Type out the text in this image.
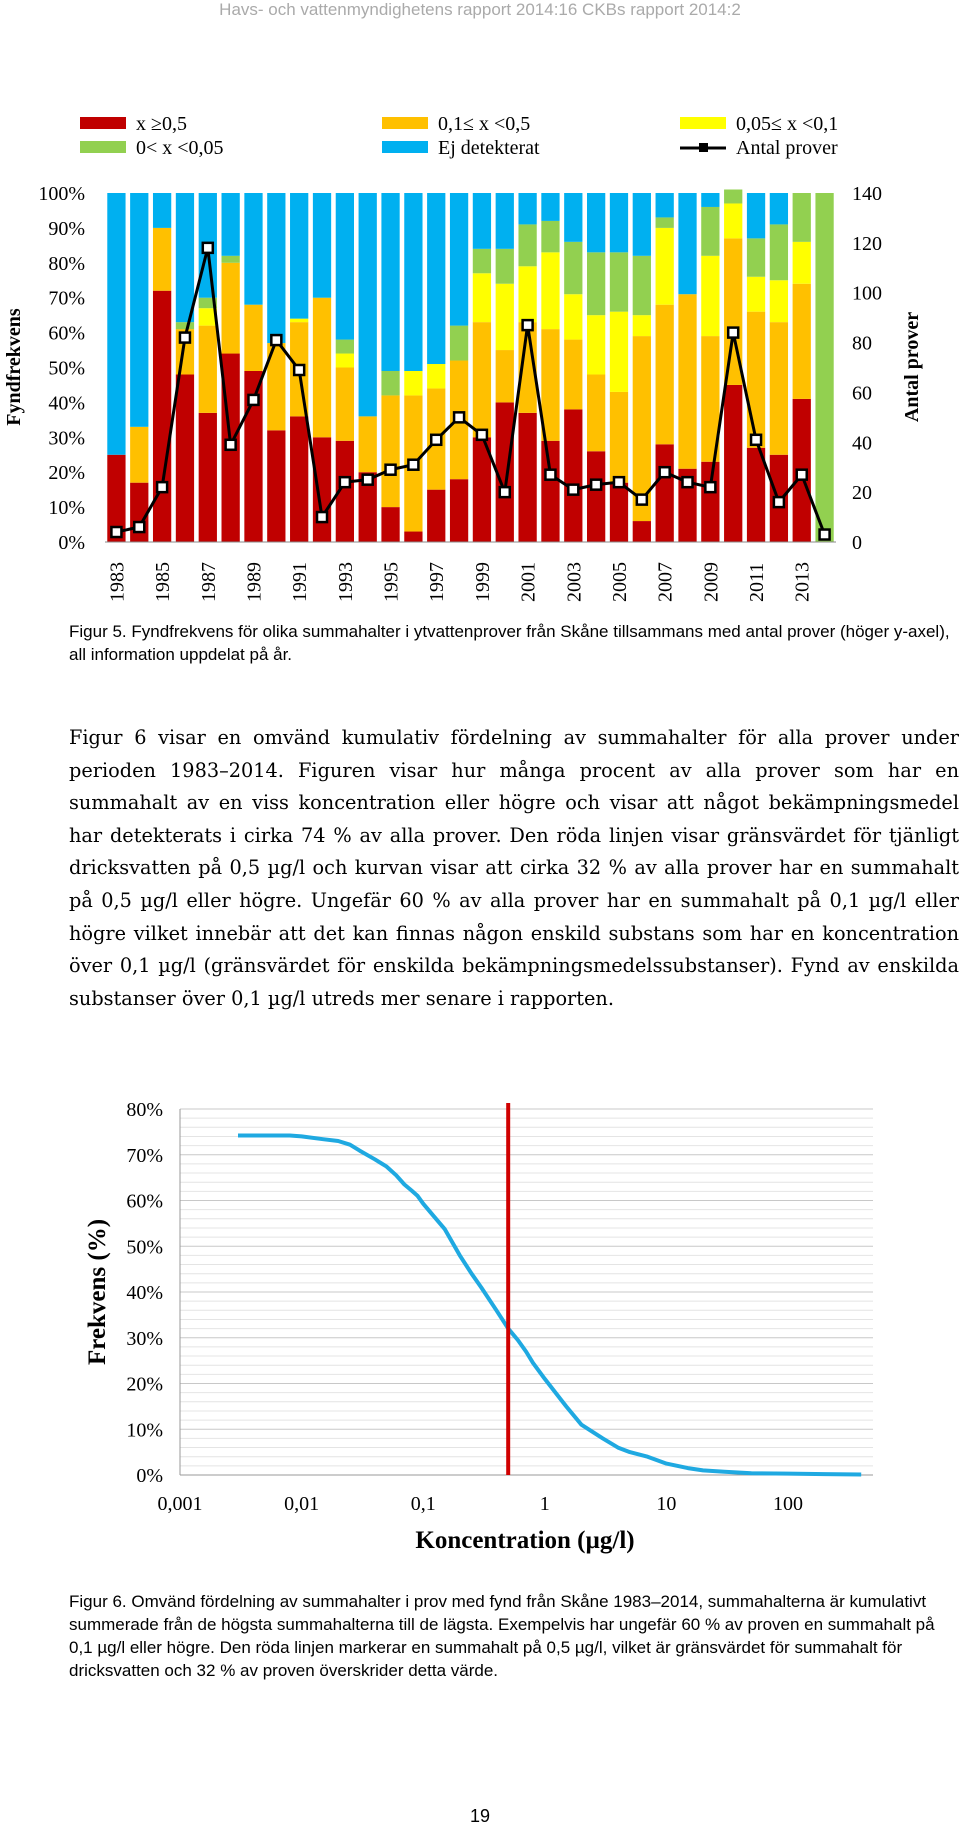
Havs- och vattenmyndighetens rapport 2014:16 CKBs rapport 2014:2
x ≥0,5	0,1≤ x <0,5	0,05≤ x <0,1
0< x <0,05	Ej detekterat	Antal prover
0%
10%
20%
30%
40%
50%
60%
70%
80%
90%
100%
0
20
40
60
80
100
120
140
Fyndfrekvens	Antal prover
1983 1985 1987 1989 1991 1993 1995 1997 1999 2001 2003 2005 2007 2009 2011 2013
Figur 5. Fyndfrekvens för olika summahalter i ytvattenprover från Skåne tillsammans med antal prover (höger y-axel), all information uppdelat på år.
Figur 6 visar en omvänd kumulativ fördelning av summahalter för alla prover under perioden 1983–2014. Figuren visar hur många procent av alla prover som har en summahalt av en viss koncentration eller högre och visar att något bekämpningsmedel har detekterats i cirka 74 % av alla prover. Den röda linjen visar gränsvärdet för tjänligt dricksvatten på 0,5 µg/l och kurvan visar att cirka 32 % av alla prover har en summahalt på 0,5 µg/l eller högre. Ungefär 60 % av alla prover har en summahalt på 0,1 µg/l eller högre vilket innebär att det kan finnas någon enskild substans som har en koncentration över 0,1 µg/l (gränsvärdet för enskilda bekämpningsmedelssubstanser). Fynd av enskilda substanser över 0,1 µg/l utreds mer senare i rapporten.
0%
10%
20%
30%
40%
50%
60%
70%
80%
0,001	0,01	0,1	1	10	100
Frekvens (%)
Koncentration (µg/l)
Figur 6. Omvänd fördelning av summahalter i prov med fynd från Skåne 1983–2014, summahalterna är kumulativt summerade från de högsta summahalterna till de lägsta. Exempelvis har ungefär 60 % av proven en summahalt på 0,1 µg/l eller högre. Den röda linjen markerar en summahalt på 0,5 µg/l, vilket är gränsvärdet för summahalt för dricksvatten och 32 % av proven överskrider detta värde.
19
